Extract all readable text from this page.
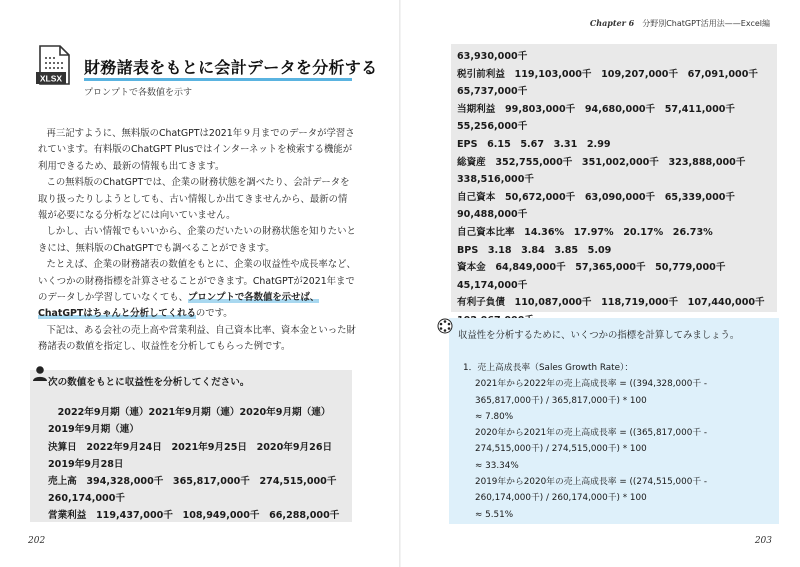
XLSX
財務諸表をもとに会計データを分析する
プロンプトで各数値を示す

再三記すように、無料版のChatGPTは2021年９月までのデータが学習されています。有料版のChatGPT Plusではインターネットを検索する機能が利用できるため、最新の情報も出てきます。

この無料版のChatGPTでは、企業の財務状態を調べたり、会計データを取り扱ったりしようとしても、古い情報しか出てきませんから、最新の情報が必要になる分析などには向いていません。

しかし、古い情報でもいいから、企業のだいたいの財務状態を知りたいときには、無料版のChatGPTでも調べることができます。

たとえば、企業の財務諸表の数値をもとに、企業の収益性や成長率など、いくつかの財務指標を計算させることができます。ChatGPTが2021年までのデータしか学習していなくても、プロンプトで各数値を示せば、ChatGPTはちゃんと分析してくれるのです。

下記は、ある会社の売上高や営業利益、自己資本比率、資本金といった財務諸表の数値を指定し、収益性を分析してもらった例です。

次の数値をもとに収益性を分析してください。
　2022年9月期（連）2021年9月期（連）2020年9月期（連）
2019年9月期（連）
決算日　2022年9月24日　2021年9月25日　2020年9月26日
2019年9月28日
売上高　394,328,000千　365,817,000千　274,515,000千
260,174,000千
営業利益　119,437,000千　108,949,000千　66,288,000千
202
Chapter 6 分野別ChatGPT活用法——Excel編
63,930,000千
税引前利益　119,103,000千　109,207,000千　67,091,000千
65,737,000千
当期利益　99,803,000千　94,680,000千　57,411,000千
55,256,000千
EPS　6.15　5.67　3.31　2.99
総資産　352,755,000千　351,002,000千　323,888,000千
338,516,000千
自己資本　50,672,000千　63,090,000千　65,339,000千
90,488,000千
自己資本比率　14.36%　17.97%　20.17%　26.73%
BPS　3.18　3.84　3.85　5.09
資本金　64,849,000千　57,365,000千　50,779,000千
45,174,000千
有利子負債　110,087,000千　118,719,000千　107,440,000千
収益性を分析するために、いくつかの指標を計算してみましょう。
1．売上高成長率（Sales Growth Rate）：
2021年から2022年の売上高成長率 = ((394,328,000千 -
365,817,000千) / 365,817,000千) * 100
≈ 7.80%
2020年から2021年の売上高成長率 = ((365,817,000千 -
274,515,000千) / 274,515,000千) * 100
≈ 33.34%
2019年から2020年の売上高成長率 = ((274,515,000千 -
260,174,000千) / 260,174,000千) * 100
≈ 5.51%
203
